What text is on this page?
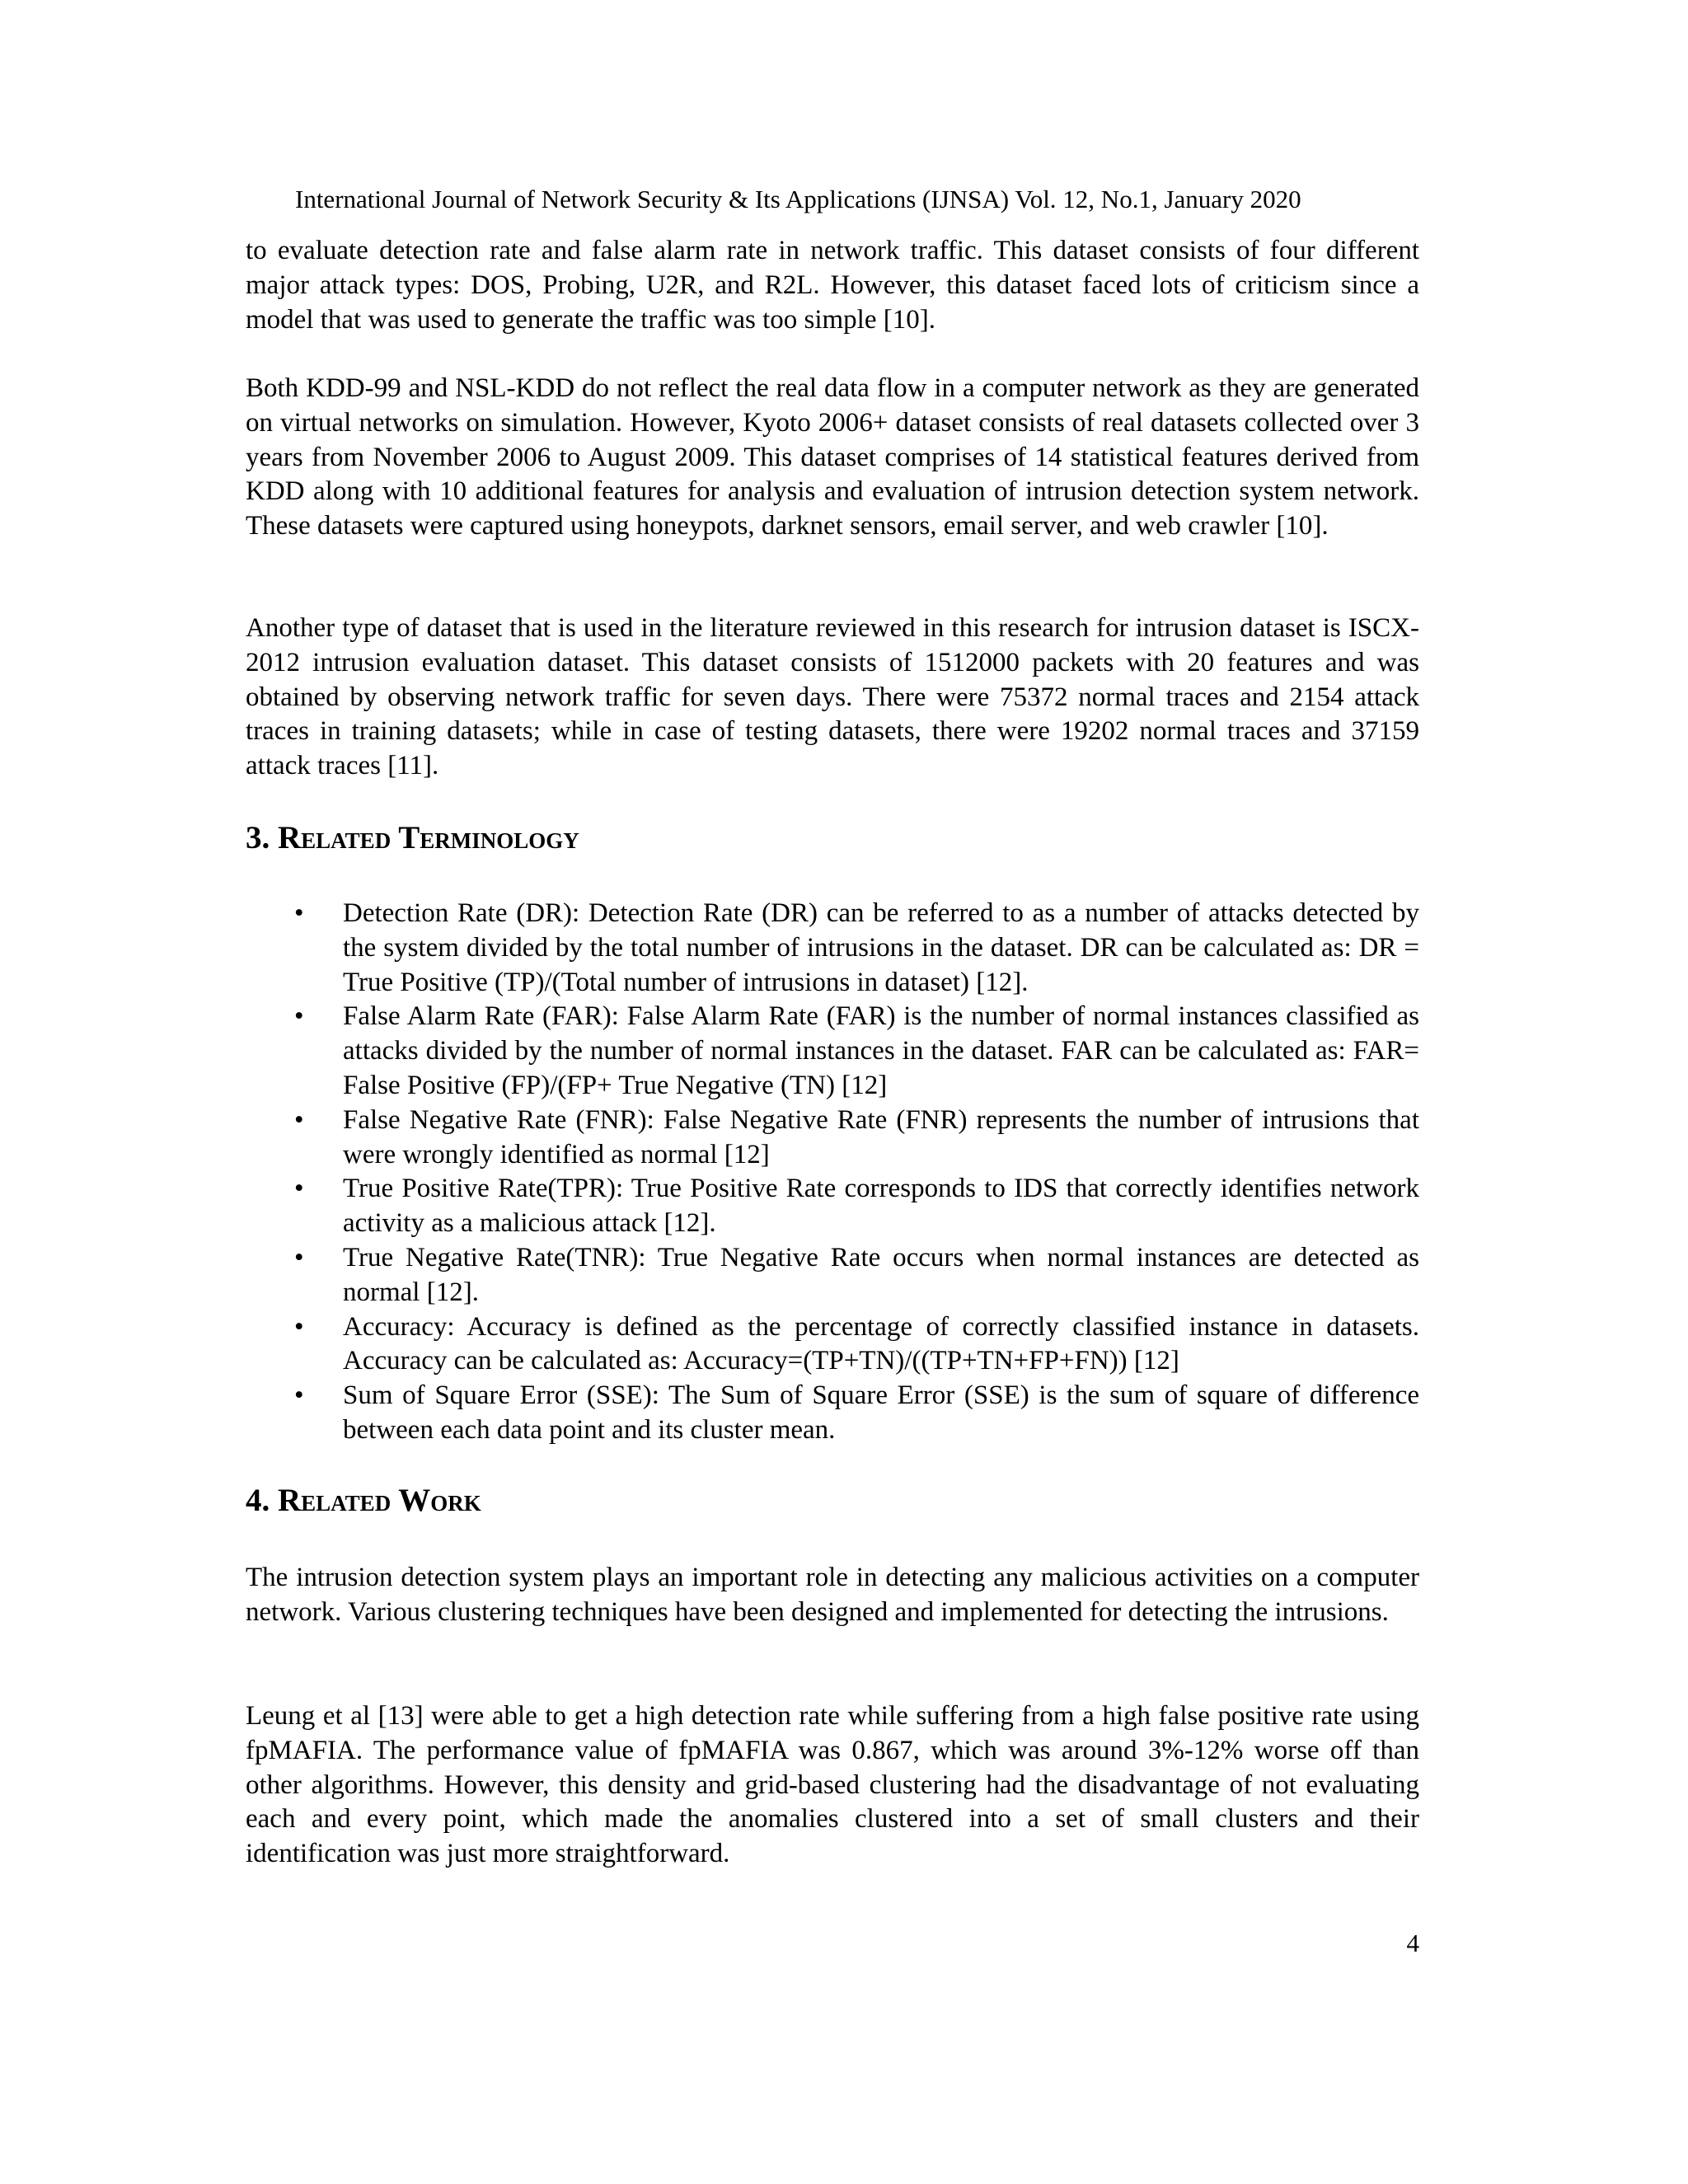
International Journal of Network Security & Its Applications (IJNSA) Vol. 12, No.1, January 2020

to evaluate detection rate and false alarm rate in network traffic. This dataset consists of four different major attack types: DOS, Probing, U2R, and R2L. However, this dataset faced lots of criticism since a model that was used to generate the traffic was too simple [10].

Both KDD-99 and NSL-KDD do not reflect the real data flow in a computer network as they are generated on virtual networks on simulation. However, Kyoto 2006+ dataset consists of real datasets collected over 3 years from November 2006 to August 2009. This dataset comprises of 14 statistical features derived from KDD along with 10 additional features for analysis and evaluation of intrusion detection system network. These datasets were captured using honeypots, darknet sensors, email server, and web crawler [10].

Another type of dataset that is used in the literature reviewed in this research for intrusion dataset is ISCX-2012 intrusion evaluation dataset. This dataset consists of 1512000 packets with 20 features and was obtained by observing network traffic for seven days. There were 75372 normal traces and 2154 attack traces in training datasets; while in case of testing datasets, there were 19202 normal traces and 37159 attack traces [11].

3. Related Terminology
• Detection Rate (DR): Detection Rate (DR) can be referred to as a number of attacks detected by the system divided by the total number of intrusions in the dataset. DR can be calculated as: DR = True Positive (TP)/(Total number of intrusions in dataset) [12].
• False Alarm Rate (FAR): False Alarm Rate (FAR) is the number of normal instances classified as attacks divided by the number of normal instances in the dataset. FAR can be calculated as: FAR= False Positive (FP)/(FP+ True Negative (TN) [12]
• False Negative Rate (FNR): False Negative Rate (FNR) represents the number of intrusions that were wrongly identified as normal [12]
• True Positive Rate(TPR): True Positive Rate corresponds to IDS that correctly identifies network activity as a malicious attack [12].
• True Negative Rate(TNR): True Negative Rate occurs when normal instances are detected as normal [12].
• Accuracy: Accuracy is defined as the percentage of correctly classified instance in datasets. Accuracy can be calculated as: Accuracy=(TP+TN)/((TP+TN+FP+FN)) [12]
• Sum of Square Error (SSE): The Sum of Square Error (SSE) is the sum of square of difference between each data point and its cluster mean.
4. Related Work

The intrusion detection system plays an important role in detecting any malicious activities on a computer network. Various clustering techniques have been designed and implemented for detecting the intrusions.

Leung et al [13] were able to get a high detection rate while suffering from a high false positive rate using fpMAFIA. The performance value of fpMAFIA was 0.867, which was around 3%-12% worse off than other algorithms. However, this density and grid-based clustering had the disadvantage of not evaluating each and every point, which made the anomalies clustered into a set of small clusters and their identification was just more straightforward.

4
